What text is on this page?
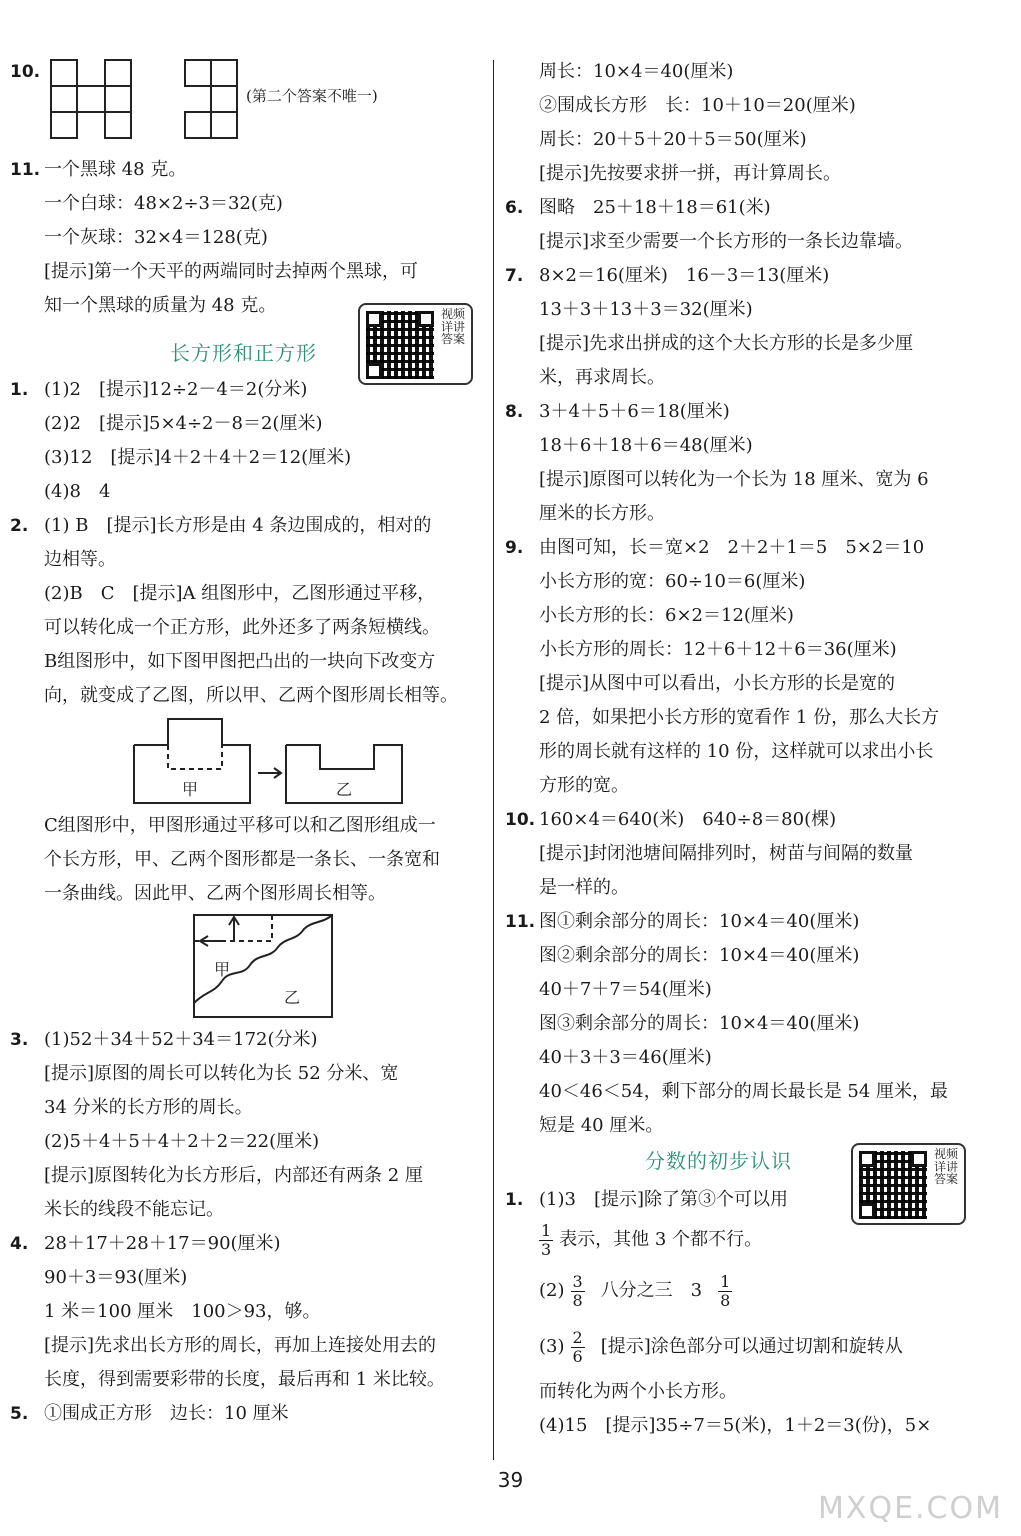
10.
(第二个答案不唯一)
11. 一个黑球 48 克。
一个白球：48×2÷3＝32(克)
一个灰球：32×4＝128(克)
[提示]第一个天平的两端同时去掉两个黑球，可
知一个黑球的质量为 48 克。
长方形和正方形
视频详讲答案
1. (1)2　[提示]12÷2－4＝2(分米)
(2)2　[提示]5×4÷2－8＝2(厘米)
(3)12　[提示]4＋2＋4＋2＝12(厘米)
(4)8　4
2. (1) B　[提示]长方形是由 4 条边围成的，相对的
边相等。
(2)B　C　[提示]A 组图形中，乙图形通过平移，
可以转化成一个正方形，此外还多了两条短横线。
B组图形中，如下图甲图把凸出的一块向下改变方
向，就变成了乙图，所以甲、乙两个图形周长相等。
甲	乙
C组图形中，甲图形通过平移可以和乙图形组成一
个长方形，甲、乙两个图形都是一条长、一条宽和
一条曲线。因此甲、乙两个图形周长相等。
甲
乙
3. (1)52＋34＋52＋34＝172(分米)
[提示]原图的周长可以转化为长 52 分米、宽
34 分米的长方形的周长。
(2)5＋4＋5＋4＋2＋2＝22(厘米)
[提示]原图转化为长方形后，内部还有两条 2 厘
米长的线段不能忘记。
4. 28＋17＋28＋17＝90(厘米)
90＋3＝93(厘米)
1 米＝100 厘米　100＞93，够。
[提示]先求出长方形的周长，再加上连接处用去的
长度，得到需要彩带的长度，最后再和 1 米比较。
5. ①围成正方形　边长：10 厘米
周长：10×4＝40(厘米)
②围成长方形　长：10＋10＝20(厘米)
周长：20＋5＋20＋5＝50(厘米)
[提示]先按要求拼一拼，再计算周长。
6. 图略　25＋18＋18＝61(米)
[提示]求至少需要一个长方形的一条长边靠墙。
7. 8×2＝16(厘米)　16－3＝13(厘米)
13＋3＋13＋3＝32(厘米)
[提示]先求出拼成的这个大长方形的长是多少厘
米，再求周长。
8. 3＋4＋5＋6＝18(厘米)
18＋6＋18＋6＝48(厘米)
[提示]原图可以转化为一个长为 18 厘米、宽为 6
厘米的长方形。
9. 由图可知，长＝宽×2　2＋2＋1＝5　5×2＝10
小长方形的宽：60÷10＝6(厘米)
小长方形的长：6×2＝12(厘米)
小长方形的周长：12＋6＋12＋6＝36(厘米)
[提示]从图中可以看出，小长方形的长是宽的
2 倍，如果把小长方形的宽看作 1 份，那么大长方
形的周长就有这样的 10 份，这样就可以求出小长
方形的宽。
10. 160×4＝640(米)　640÷8＝80(棵)
[提示]封闭池塘间隔排列时，树苗与间隔的数量
是一样的。
11. 图①剩余部分的周长：10×4＝40(厘米)
图②剩余部分的周长：10×4＝40(厘米)
40＋7＋7＝54(厘米)
图③剩余部分的周长：10×4＝40(厘米)
40＋3＋3＝46(厘米)
40＜46＜54，剩下部分的周长最长是 54 厘米，最
短是 40 厘米。
分数的初步认识	视频详讲答案
1. (1)3　[提示]除了第③个可以用
$\frac{1}{3}$ 表示，其他 3 个都不行。
$(2) \frac{3}{8}$ 八分之三　$3 \frac{1}{8}$
$(3) \frac{2}{6}$ [提示]涂色部分可以通过切割和旋转从
而转化为两个小长方形。
(4)15　[提示]35÷7＝5(米)，1＋2＝3(份)，5×
39
MXQE.COM
